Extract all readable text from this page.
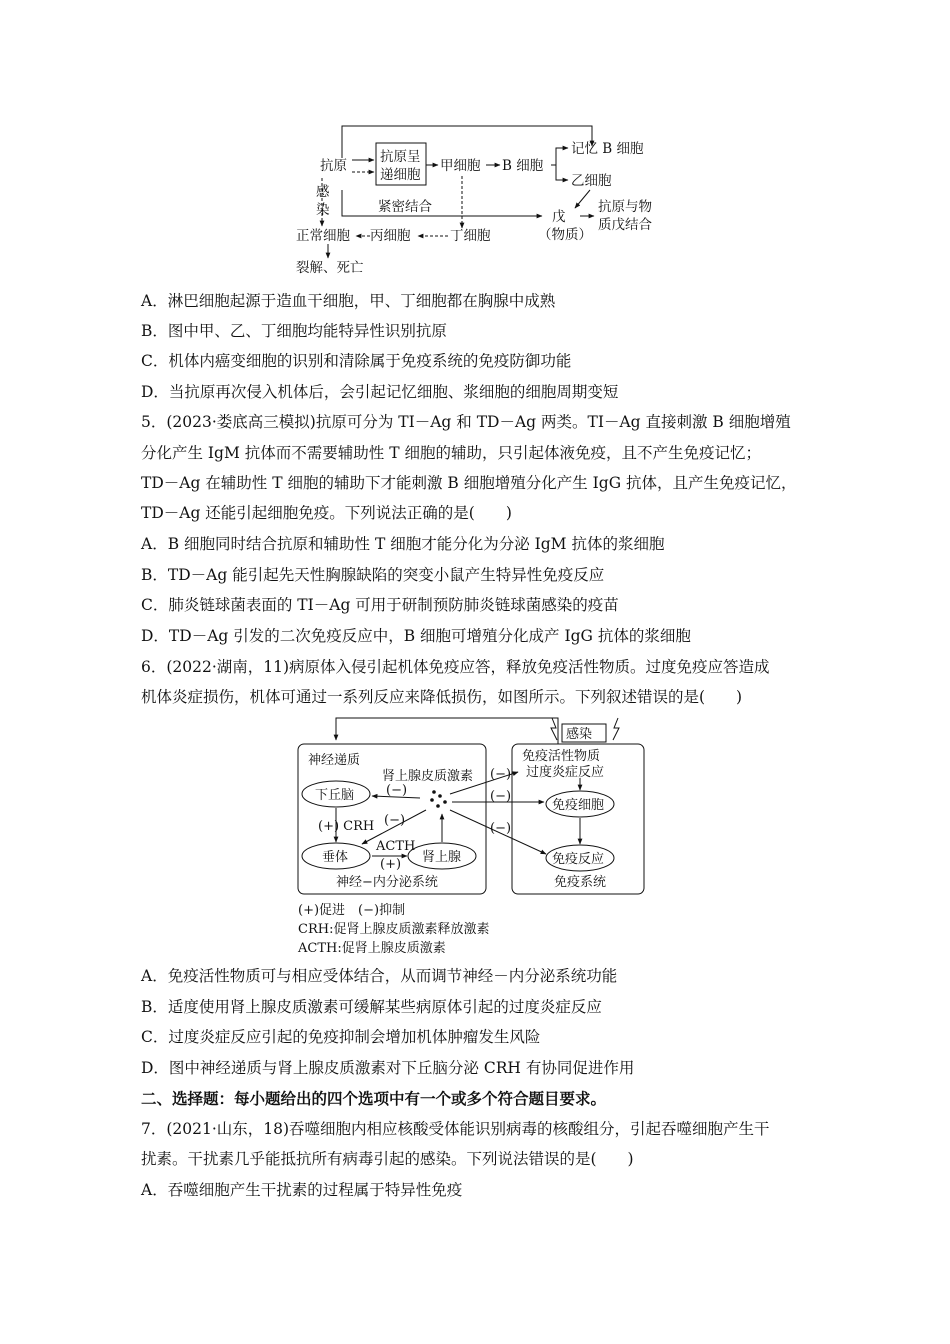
抗原
抗原呈
递细胞
甲细胞 B 细胞
记忆 B 细胞
乙细胞
感
染	紧密结合
戊
（物质）
抗原与物
质戊结合
正常细胞 丙细胞	丁细胞
裂解、死亡
A．淋巴细胞起源于造血干细胞，甲、丁细胞都在胸腺中成熟
B．图中甲、乙、丁细胞均能特异性识别抗原
C．机体内癌变细胞的识别和清除属于免疫系统的免疫防御功能
D．当抗原再次侵入机体后，会引起记忆细胞、浆细胞的细胞周期变短
5．(2023·娄底高三模拟)抗原可分为 TI－Ag 和 TD－Ag 两类。TI－Ag 直接刺激 B 细胞增殖
分化产生 IgM 抗体而不需要辅助性 T 细胞的辅助，只引起体液免疫，且不产生免疫记忆；
TD－Ag 在辅助性 T 细胞的辅助下才能刺激 B 细胞增殖分化产生 IgG 抗体，且产生免疫记忆，
TD－Ag 还能引起细胞免疫。下列说法正确的是(　　)
A．B 细胞同时结合抗原和辅助性 T 细胞才能分化为分泌 IgM 抗体的浆细胞
B．TD－Ag 能引起先天性胸腺缺陷的突变小鼠产生特异性免疫反应
C．肺炎链球菌表面的 TI－Ag 可用于研制预防肺炎链球菌感染的疫苗
D．TD－Ag 引发的二次免疫反应中，B 细胞可增殖分化成产 IgG 抗体的浆细胞
6．(2022·湖南，11)病原体入侵引起机体免疫应答，释放免疫活性物质。过度免疫应答造成
机体炎症损伤，机体可通过一系列反应来降低损伤，如图所示。下列叙述错误的是(　　)
感染
神经递质
肾上腺皮质激素
下丘脑
(+) CRH
垂体
ACTH
(+) 肾上腺
(−)
(−)
(−)
(−)
(−)
神经−内分泌系统
免疫活性物质
过度炎症反应
免疫细胞
免疫反应
免疫系统
(+)促进　(−)抑制
CRH:促肾上腺皮质激素释放激素
ACTH:促肾上腺皮质激素
A．免疫活性物质可与相应受体结合，从而调节神经－内分泌系统功能
B．适度使用肾上腺皮质激素可缓解某些病原体引起的过度炎症反应
C．过度炎症反应引起的免疫抑制会增加机体肿瘤发生风险
D．图中神经递质与肾上腺皮质激素对下丘脑分泌 CRH 有协同促进作用
二、选择题：每小题给出的四个选项中有一个或多个符合题目要求。
7．(2021·山东，18)吞噬细胞内相应核酸受体能识别病毒的核酸组分，引起吞噬细胞产生干
扰素。干扰素几乎能抵抗所有病毒引起的感染。下列说法错误的是(　　)
A．吞噬细胞产生干扰素的过程属于特异性免疫
